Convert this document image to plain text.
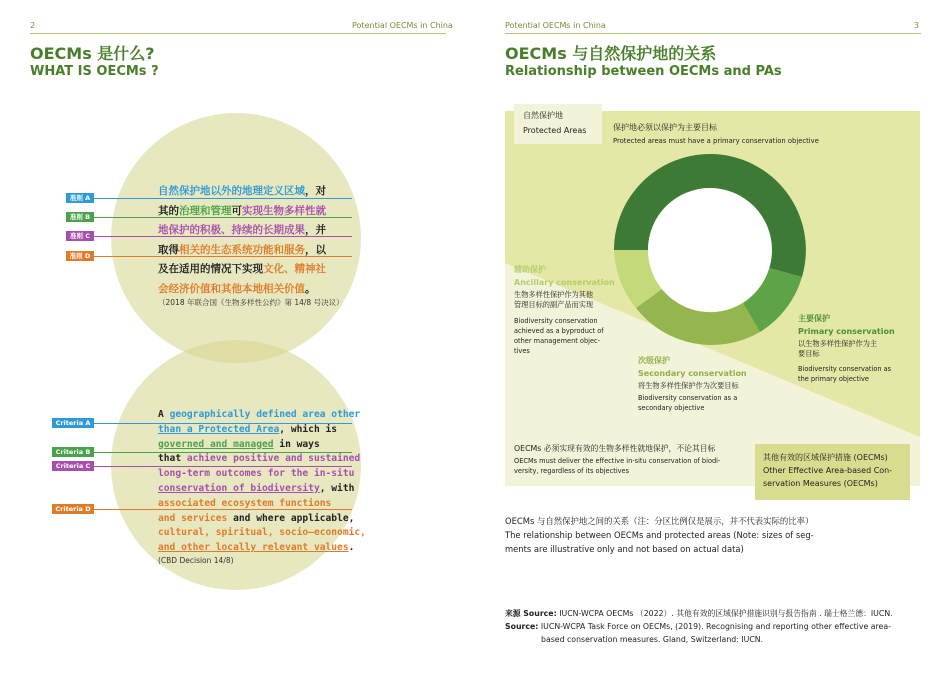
2	Potential OECMs in China
OECMs 是什么?
WHAT IS OECMs ?
准则 A
准则 B
准则 C
准则 D
自然保护地以外的地理定义区域，对
其的治理和管理可实现生物多样性就
地保护的积极、持续的长期成果，并
取得相关的生态系统功能和服务，以
及在适用的情况下实现文化、精神社
会经济价值和其他本地相关价值。
（2018 年联合国《生物多样性公约》第 14/8 号决议）
Criteria A
Criteria B
Criteria C
Criteria D
A geographically defined area other
than a Protected Area, which is
governed and managed in ways
that achieve positive and sustained
long-term outcomes for the in-situ
conservation of biodiversity, with
associated ecosystem functions
and services and where applicable,
cultural, spiritual, socio–economic,
and other locally relevant values.
(CBD Decision 14/8)
Potential OECMs in China	3
OECMs 与自然保护地的关系
Relationship between OECMs and PAs
自然保护地
Protected Areas	保护地必须以保护为主要目标
Protected areas must have a primary conservation objective
辅助保护
Ancillary conservation
生物多样性保护作为其他
管理目标的副产品而实现
Biodiversity conservation
achieved as a byproduct of
other management objec-
tives
次级保护
Secondary conservation
将生物多样性保护作为次要目标
Biodiversity conservation as a
secondary objective
主要保护
Primary conservation
以生物多样性保护作为主
要目标
Biodiversity conservation as
the primary objective
OECMs 必须实现有效的生物多样性就地保护，不论其目标
OECMs must deliver the effective in-situ conservation of biodi-
versity, regardless of its objectives
其他有效的区域保护措施 (OECMs)
Other Effective Area-based Con-
servation Measures (OECMs)
OECMs 与自然保护地之间的关系（注：分区比例仅是展示，并不代表实际的比率）
The relationship between OECMs and protected areas (Note: sizes of seg-
ments are illustrative only and not based on actual data)
来源 Source: IUCN-WCPA OECMs （2022）. 其他有效的区域保护措施识别与报告指南 . 瑞士格兰德：IUCN.
Source: IUCN-WCPA Task Force on OECMs, (2019). Recognising and reporting other effective area-
based conservation measures. Gland, Switzerland: IUCN.
